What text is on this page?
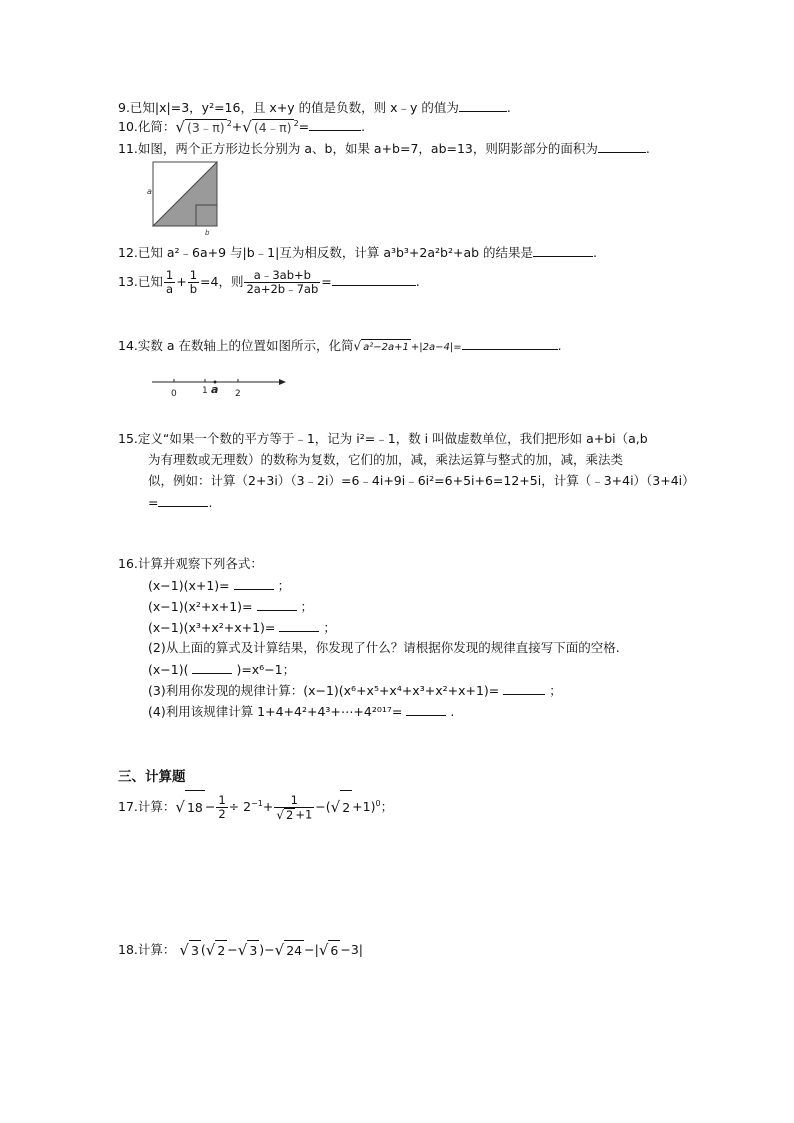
9.已知|x|=3，y²=16，且 x+y 的值是负数，则 x﹣y 的值为	.
10.化简：√ (3﹣π) $^2$+√ (4﹣π) $^2$=	.
11.如图，两个正方形边长分别为 a、b，如果 a+b=7，ab=13，则阴影部分的面积为	.
a
b
12.已知 a²﹣6a+9 与|b﹣1|互为相反数，计算 a³b³+2a²b²+ab 的结果是	.
13.已知 $\frac{1}{a} + \frac{1}{b} =4$，则 $\frac{a﹣3ab+b}{2a+2b﹣7ab}$ =	.
14.实数 a 在数轴上的位置如图所示，化简√ a²−2a+1 +|2a−4|=	.
0	1 a 2
15.定义“如果一个数的平方等于﹣1，记为 i²=﹣1，数 i 叫做虚数单位，我们把形如 a+bi（a,b
为有理数或无理数）的数称为复数，它们的加，减，乘法运算与整式的加，减，乘法类
似，例如：计算（2+3i）（3﹣2i）=6﹣4i+9i﹣6i²=6+5i+6=12+5i，计算（﹣3+4i）（3+4i）
=	.
16.计算并观察下列各式：
(x−1)(x+1)=	；
(x−1)(x²+x+1)=	；
(x−1)(x³+x²+x+1)=	；
(2)从上面的算式及计算结果，你发现了什么？请根据你发现的规律直接写下面的空格.
(x−1)(	)=x⁶−1；
(3)利用你发现的规律计算：(x−1)(x⁶+x⁵+x⁴+x³+x²+x+1)=	；
(4)利用该规律计算 1+4+4²+4³+⋯+4²⁰¹⁷=	.
三、计算题
17.计算：√ $18 - \frac{1}{2} \div 2^{-1}+ \frac{1}{√ 2 +1}$ −(√ 2 +1)$^0$；
18.计算： √ 3 (√ 2 −√ 3 )−√ 24 −|√ 6 −3|
